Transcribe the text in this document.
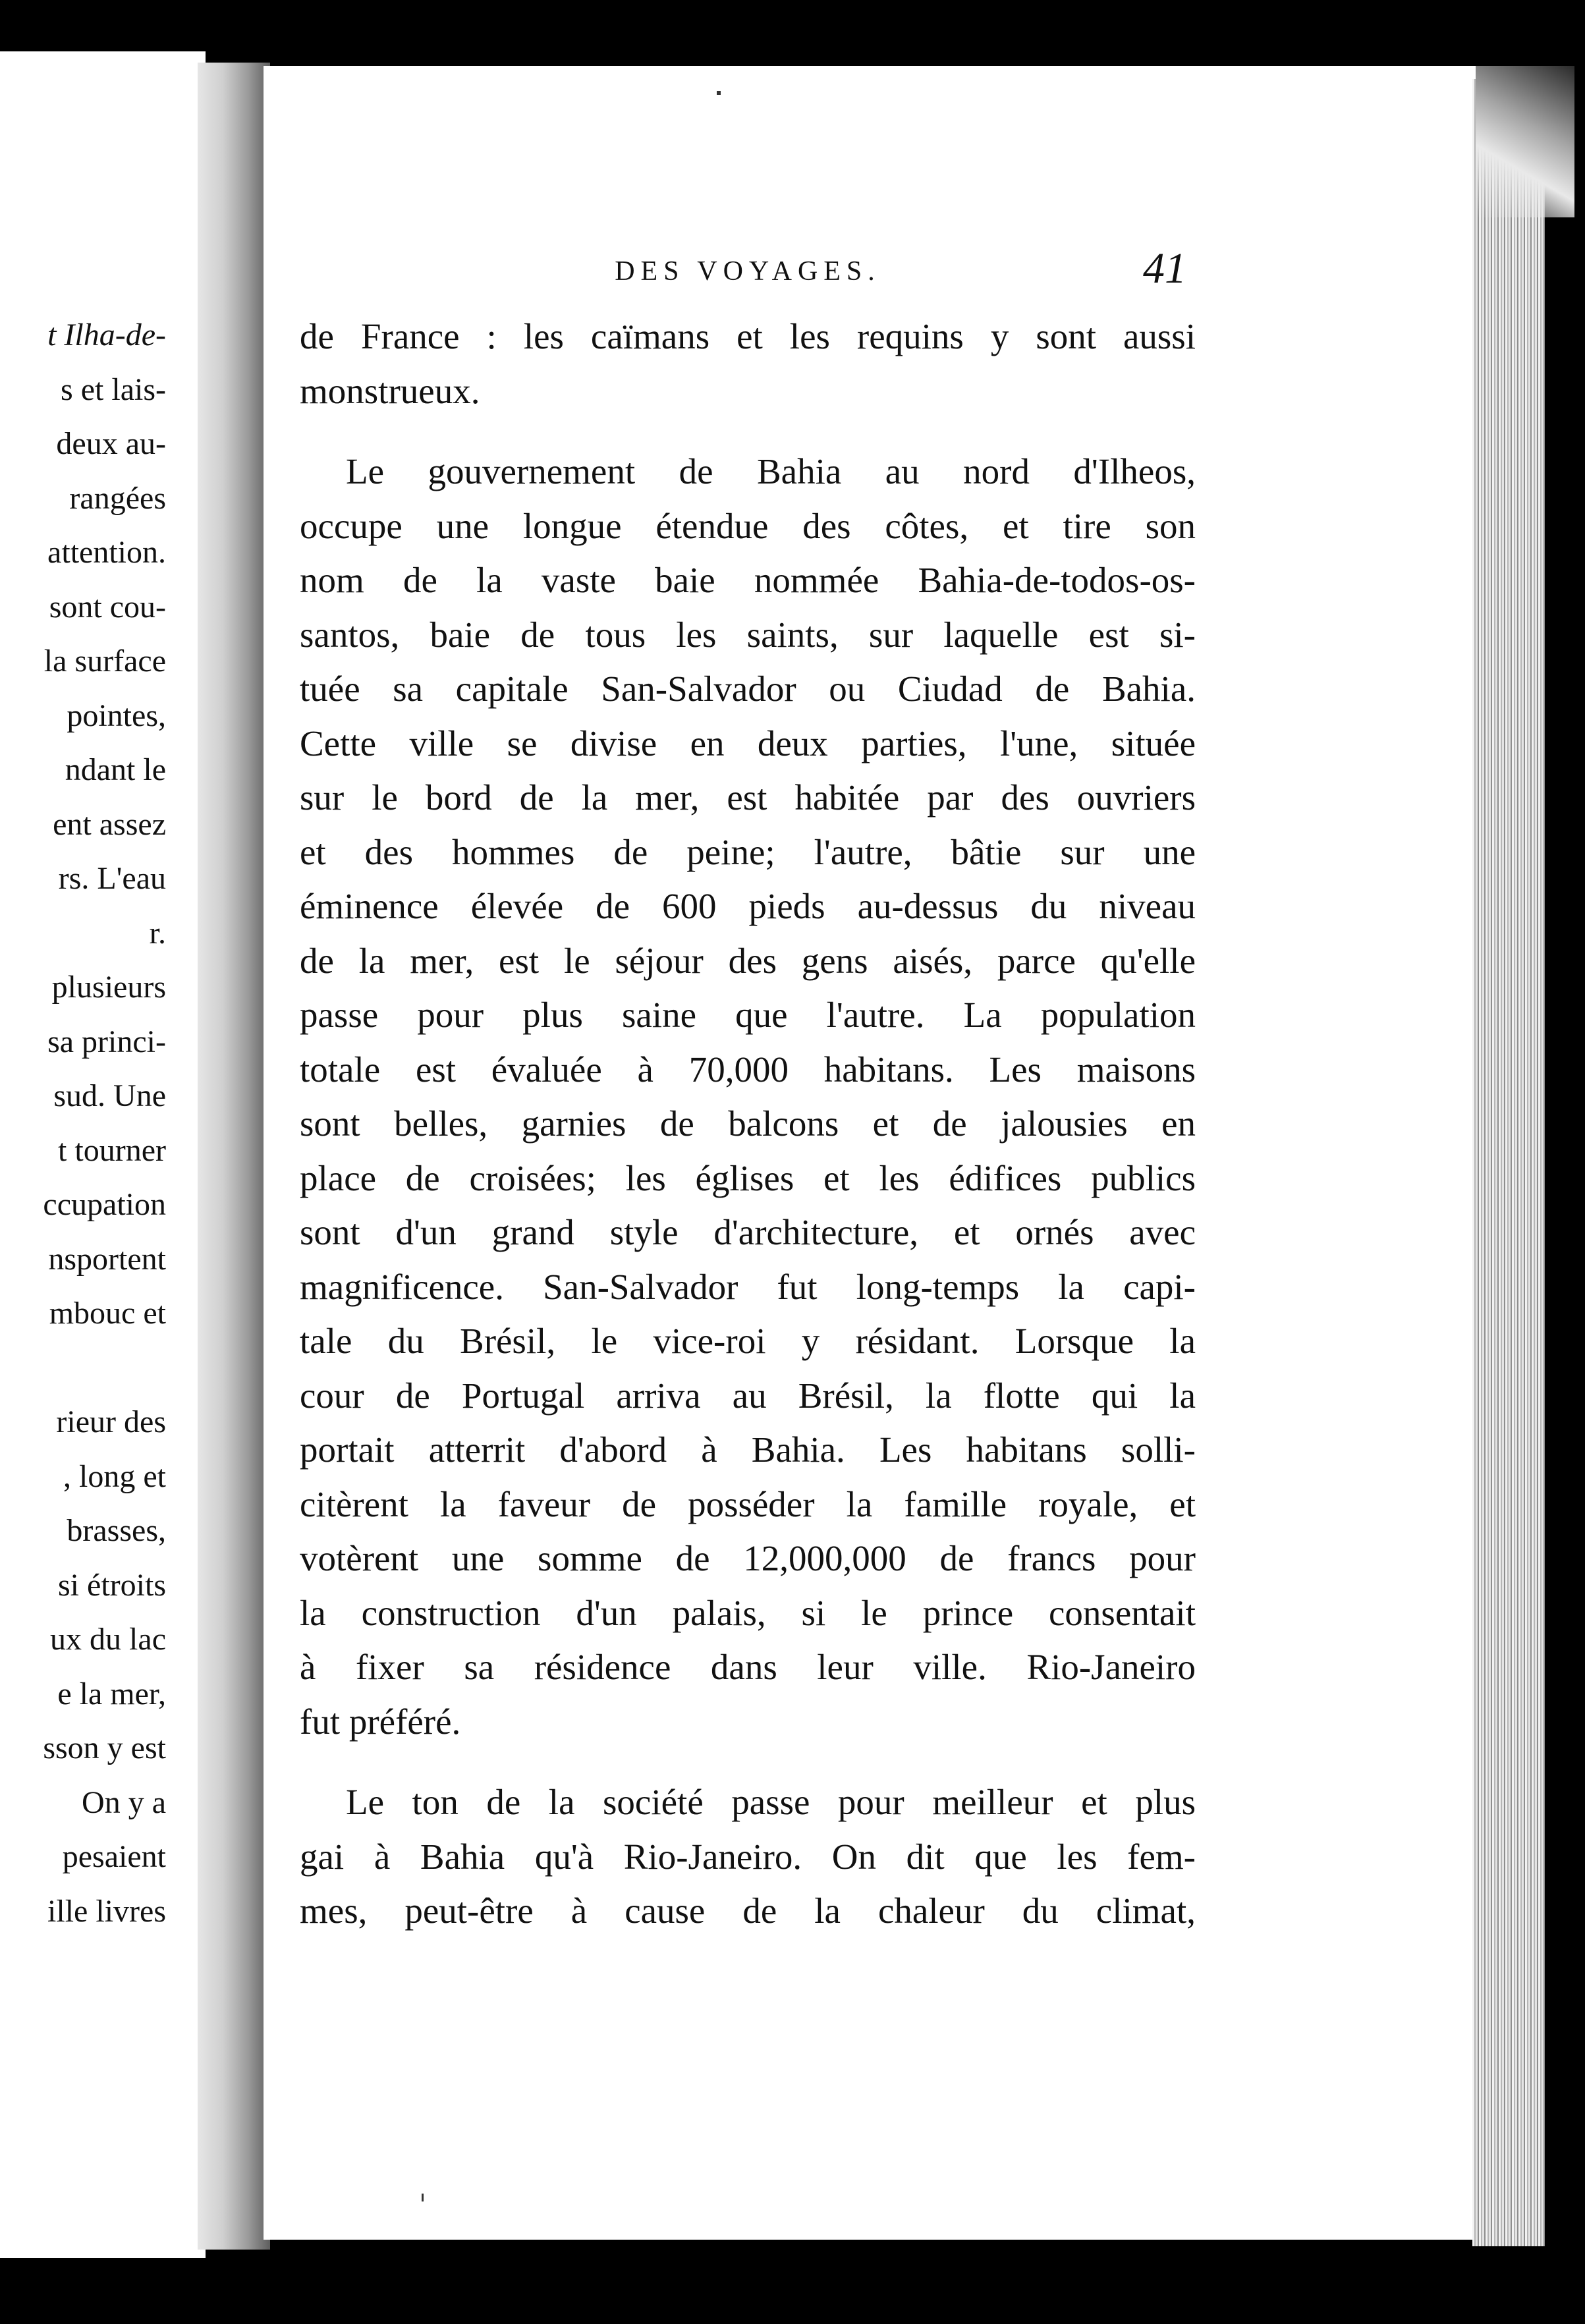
t Ilha-de-
s et lais-
deux au-
rangées
attention.
sont cou-
la surface
pointes,
ndant le
ent assez
rs. L'eau
r.
plusieurs
sa princi-
sud. Une
t tourner
ccupation
nsportent
mbouc et
rieur des
, long et
brasses,
si étroits
ux du lac
e la mer,
sson y est
On y a
pesaient
ille livres
DES VOYAGES.	41
de France : les caïmans et les requins y sont aussi
monstrueux.
Le gouvernement de Bahia au nord d'Ilheos,
occupe une longue étendue des côtes, et tire son
nom de la vaste baie nommée Bahia-de-todos-os-
santos, baie de tous les saints, sur laquelle est si-
tuée sa capitale San-Salvador ou Ciudad de Bahia.
Cette ville se divise en deux parties, l'une, située
sur le bord de la mer, est habitée par des ouvriers
et des hommes de peine; l'autre, bâtie sur une
éminence élevée de 600 pieds au-dessus du niveau
de la mer, est le séjour des gens aisés, parce qu'elle
passe pour plus saine que l'autre. La population
totale est évaluée à 70,000 habitans. Les maisons
sont belles, garnies de balcons et de jalousies en
place de croisées; les églises et les édifices publics
sont d'un grand style d'architecture, et ornés avec
magnificence. San-Salvador fut long-temps la capi-
tale du Brésil, le vice-roi y résidant. Lorsque la
cour de Portugal arriva au Brésil, la flotte qui la
portait atterrit d'abord à Bahia. Les habitans solli-
citèrent la faveur de posséder la famille royale, et
votèrent une somme de 12,000,000 de francs pour
la construction d'un palais, si le prince consentait
à fixer sa résidence dans leur ville. Rio-Janeiro
fut préféré.
Le ton de la société passe pour meilleur et plus
gai à Bahia qu'à Rio-Janeiro. On dit que les fem-
mes, peut-être à cause de la chaleur du climat,
